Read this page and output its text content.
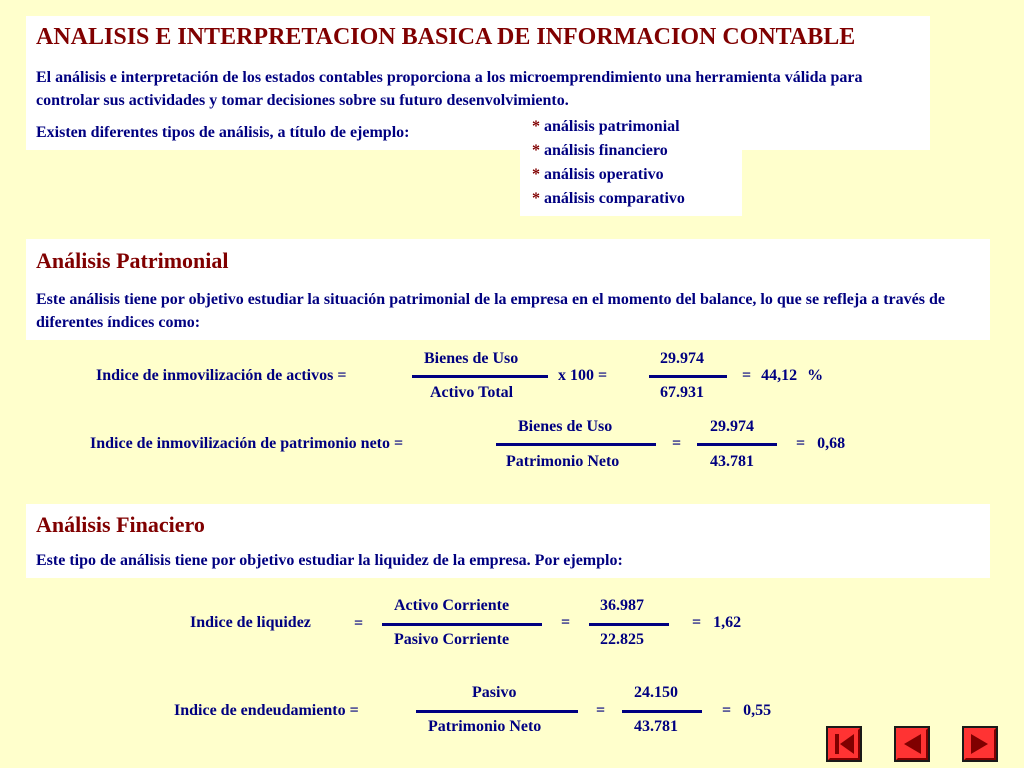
ANALISIS E INTERPRETACION BASICA DE INFORMACION CONTABLE
El análisis e interpretación de los estados contables proporciona a los microemprendimiento una herramienta válida para controlar sus actividades y tomar decisiones sobre su futuro desenvolvimiento.
Existen diferentes tipos de análisis, a título de ejemplo:	* análisis patrimonial
* análisis financiero
* análisis operativo
* análisis comparativo
Análisis Patrimonial
Este análisis tiene por objetivo estudiar la situación patrimonial de la empresa en el momento del balance, lo que se refleja a través de diferentes índices como:
Indice de inmovilización de activos =
Bienes de Uso
Activo Total
x 100 =
29.974
67.931
= 44,12 %
Indice de inmovilización de patrimonio neto =
Bienes de Uso
Patrimonio Neto
=
29.974
43.781
= 0,68
Análisis Finaciero
Este tipo de análisis tiene por objetivo estudiar la liquidez de la empresa. Por ejemplo:
Indice de liquidez	=
Activo Corriente
Pasivo Corriente
=
36.987
22.825
= 1,62
Indice de endeudamiento =
Pasivo
Patrimonio Neto
=
24.150
43.781
= 0,55
